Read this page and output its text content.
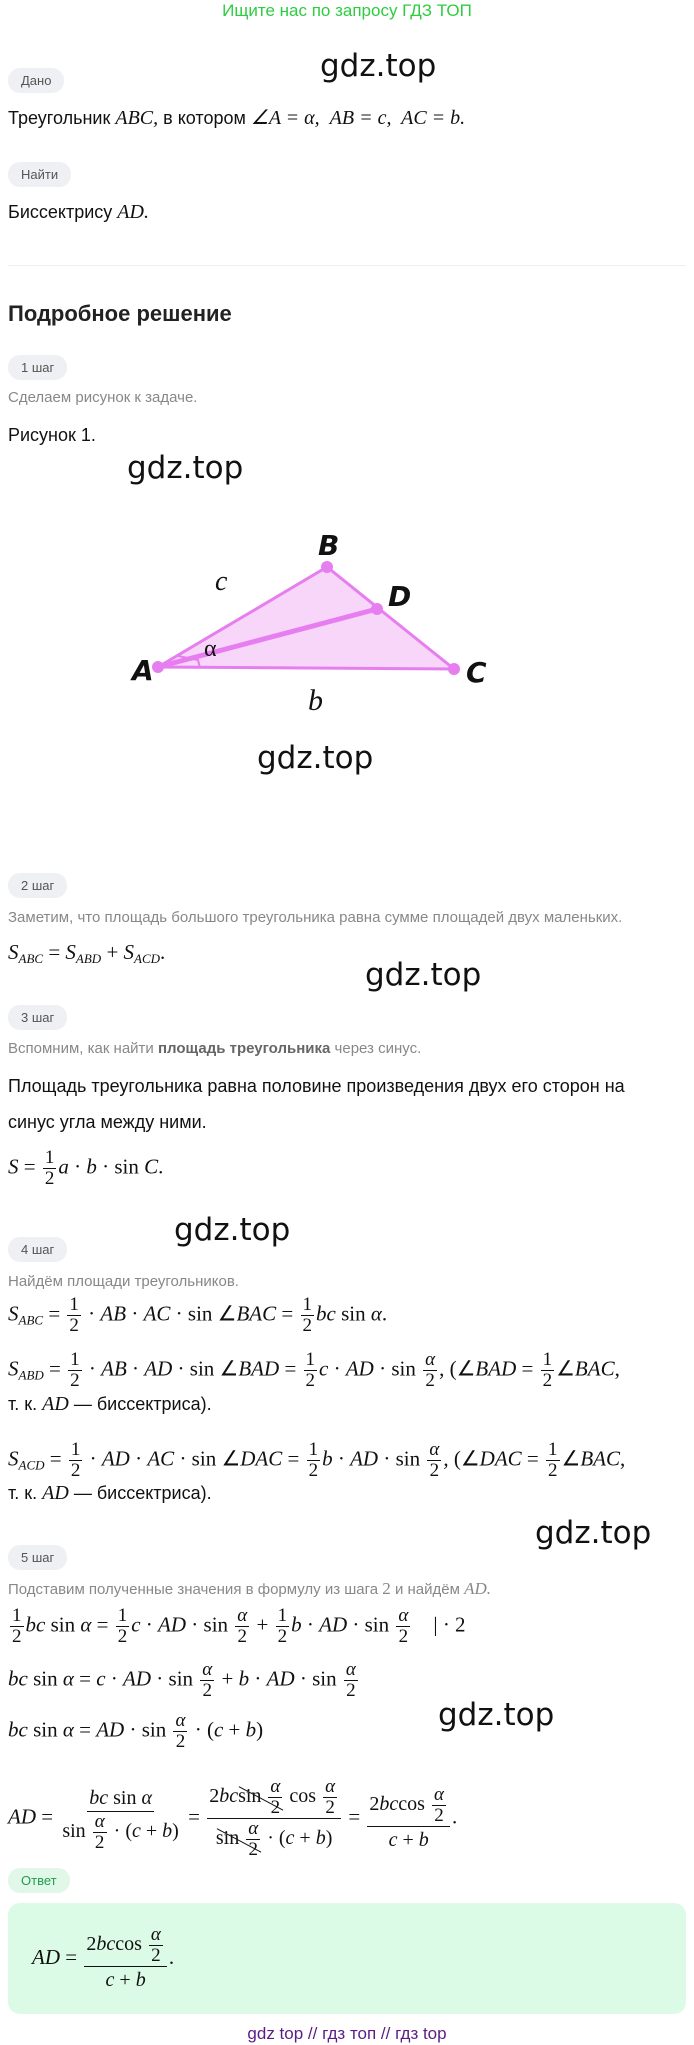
Ищите нас по запросу ГДЗ ТОП
gdz.top
gdz.top
gdz.top
gdz.top
gdz.top
gdz.top
gdz.top
Дано
Треугольник ABC, в котором ∠A = α,  AB = c,  AC = b.
Найти
Биссектрису AD.
Подробное решение
1 шаг
Сделаем рисунок к задаче.
Рисунок 1.
A
B
C
D
c
b
α
2 шаг
Заметим, что площадь большого треугольника равна сумме площадей двух маленьких.
$S_{ABC} = S_{ABD} + S_{ACD}$.
3 шаг
Вспомним, как найти площадь треугольника через синус.
Площадь треугольника равна половине произведения двух его сторон на
синус угла между ними.
$S = \frac{1}{2}$ a · b · sin C.
4 шаг
Найдём площади треугольников.
$S_{ABC} = \frac{1}{2}$ · AB · AC · sin ∠BAC = $\frac{1}{2}$ bc sin α.
$S_{ABD} = \frac{1}{2}$ · AB · AD · sin ∠BAD = $\frac{1}{2}$ c · AD · $\sin \frac{\alpha}{2}$ , (∠BAD = $\frac{1}{2}$ ∠BAC,
т. к. AD — биссектриса).
$S_{ACD} = \frac{1}{2}$ · AD · AC · sin ∠DAC = $\frac{1}{2}$ b · AD · $\sin \frac{\alpha}{2}$ , (∠DAC = $\frac{1}{2}$ ∠BAC,
т. к. AD — биссектриса).
5 шаг
Подставим полученные значения в формулу из шага 2 и найдём AD.
$\frac{1}{2}$ bc $\sin \alpha = \frac{1}{2}$ c · AD · $\sin \frac{\alpha}{2} + \frac{1}{2}$ b · AD · $\sin \frac{\alpha}{2}$ | · 2
bc sin α = c · AD · $\sin \frac{\alpha}{2} + b$ · AD · $\sin \frac{\alpha}{2}$
bc sin α = AD · $\sin \frac{\alpha}{2} \cdot (c + b)$
AD = $\frac{\text{bc sin α}}{\sin \frac{\alpha}{2} \cdot (c + b)} = \frac{2bcsin \frac{\alpha}{2} \cos \frac{\alpha}{2}}{\sin \frac{\alpha}{2} \cdot (c + b)} = \frac{2bccos \frac{\alpha}{2}}{c + b}$ .
Ответ
AD = $\frac{2bccos \frac{\alpha}{2}}{c + b}$ .
gdz top // гдз топ // гдз top
